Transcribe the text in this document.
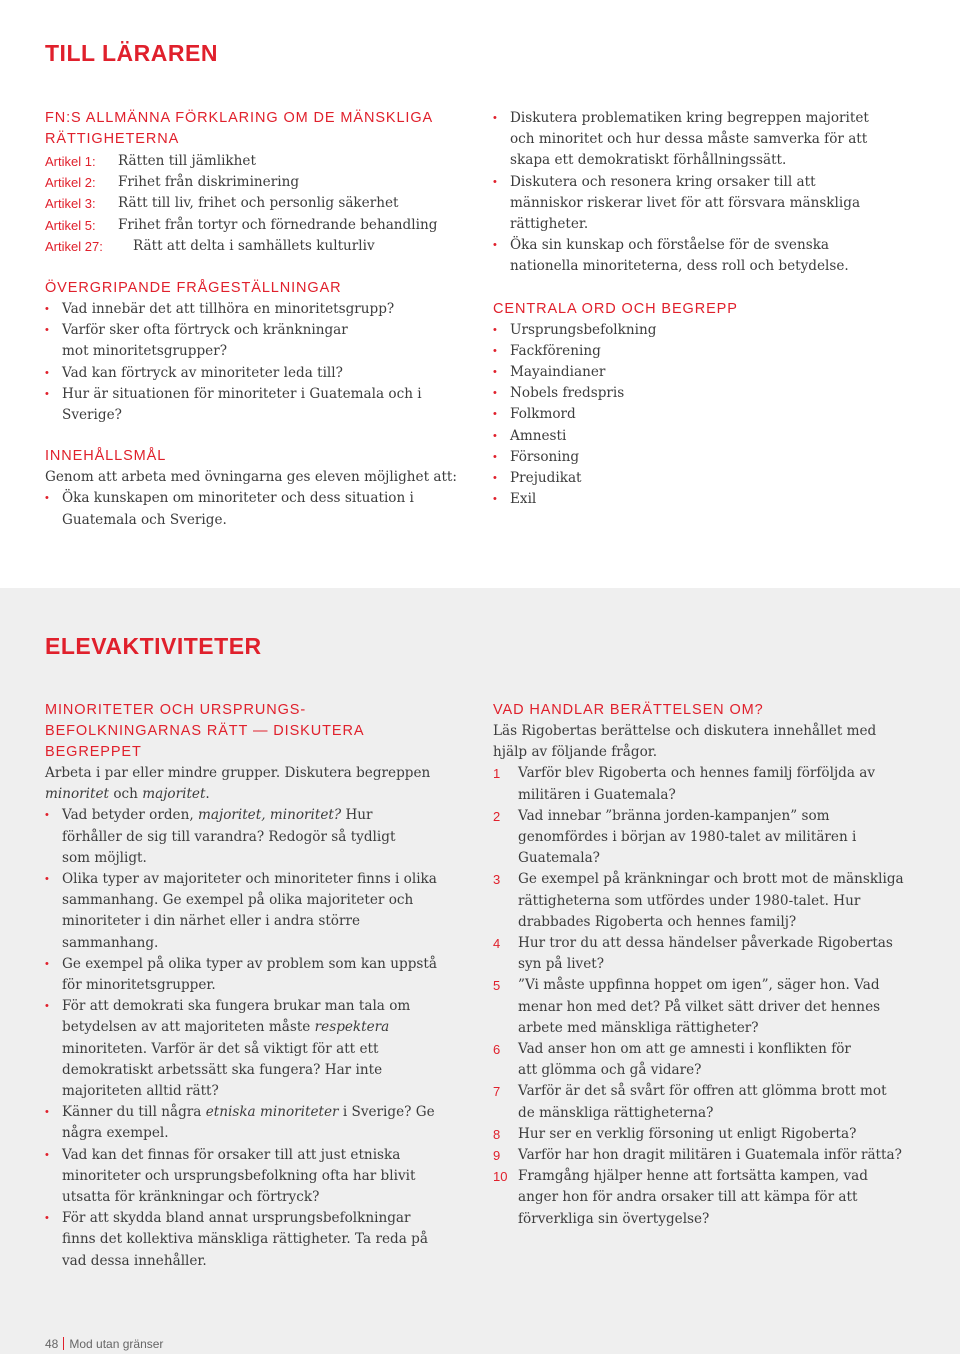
TILL LÄRAREN
FN:S ALLMÄNNA FÖRKLARING OM DE MÄNSKLIGA RÄTTIGHETERNA
Artikel 1:	Rätten till jämlikhet
Artikel 2:	Frihet från diskriminering
Artikel 3:	Rätt till liv, frihet och personlig säkerhet
Artikel 5:	Frihet från tortyr och förnedrande behandling
Artikel 27:	Rätt att delta i samhällets kulturliv
ÖVERGRIPANDE FRÅGESTÄLLNINGAR
• Vad innebär det att tillhöra en minoritetsgrupp?
• Varför sker ofta förtryck och kränkningar mot minoritetsgrupper?
• Vad kan förtryck av minoriteter leda till?
• Hur är situationen för minoriteter i Guatemala och i Sverige?
INNEHÅLLSMÅL
Genom att arbeta med övningarna ges eleven möjlighet att:
• Öka kunskapen om minoriteter och dess situation i Guatemala och Sverige.
• Diskutera problematiken kring begreppen majoritet och minoritet och hur dessa måste samverka för att skapa ett demokratiskt förhållningssätt.
• Diskutera och resonera kring orsaker till att människor riskerar livet för att försvara mänskliga rättigheter.
• Öka sin kunskap och förståelse för de svenska nationella minoriteterna, dess roll och betydelse.
CENTRALA ORD OCH BEGREPP
• Ursprungsbefolkning
• Fackförening
• Mayaindianer
• Nobels fredspris
• Folkmord
• Amnesti
• Försoning
• Prejudikat
• Exil
ELEVAKTIVITETER
MINORITETER OCH URSPRUNGSBEFOLKNINGARNAS RÄTT — DISKUTERA BEGREPPET
Arbeta i par eller mindre grupper. Diskutera begreppen minoritet och majoritet.
• Vad betyder orden, majoritet, minoritet? Hur förhåller de sig till varandra? Redogör så tydligt som möjligt.
• Olika typer av majoriteter och minoriteter finns i olika sammanhang. Ge exempel på olika majoriteter och minoriteter i din närhet eller i andra större sammanhang.
• Ge exempel på olika typer av problem som kan uppstå för minoritetsgrupper.
• För att demokrati ska fungera brukar man tala om betydelsen av att majoriteten måste respektera minoriteten. Varför är det så viktigt för att ett demokratiskt arbetssätt ska fungera? Har inte majoriteten alltid rätt?
• Känner du till några etniska minoriteter i Sverige? Ge några exempel.
• Vad kan det finnas för orsaker till att just etniska minoriteter och ursprungsbefolkning ofta har blivit utsatta för kränkningar och förtryck?
• För att skydda bland annat ursprungsbefolkningar finns det kollektiva mänskliga rättigheter. Ta reda på vad dessa innehåller.
VAD HANDLAR BERÄTTELSEN OM?
Läs Rigobertas berättelse och diskutera innehållet med hjälp av följande frågor.
1 Varför blev Rigoberta och hennes familj förföljda av militären i Guatemala?
2 Vad innebar ”bränna jorden-kampanjen” som genomfördes i början av 1980-talet av militären i Guatemala?
3 Ge exempel på kränkningar och brott mot de mänskliga rättigheterna som utfördes under 1980-talet. Hur drabbades Rigoberta och hennes familj?
4 Hur tror du att dessa händelser påverkade Rigobertas syn på livet?
5 ”Vi måste uppfinna hoppet om igen”, säger hon. Vad menar hon med det? På vilket sätt driver det hennes arbete med mänskliga rättigheter?
6 Vad anser hon om att ge amnesti i konflikten för att glömma och gå vidare?
7 Varför är det så svårt för offren att glömma brott mot de mänskliga rättigheterna?
8 Hur ser en verklig försoning ut enligt Rigoberta?
9 Varför har hon dragit militären i Guatemala inför rätta?
10 Framgång hjälper henne att fortsätta kampen, vad anger hon för andra orsaker till att kämpa för att förverkliga sin övertygelse?
48 Mod utan gränser
